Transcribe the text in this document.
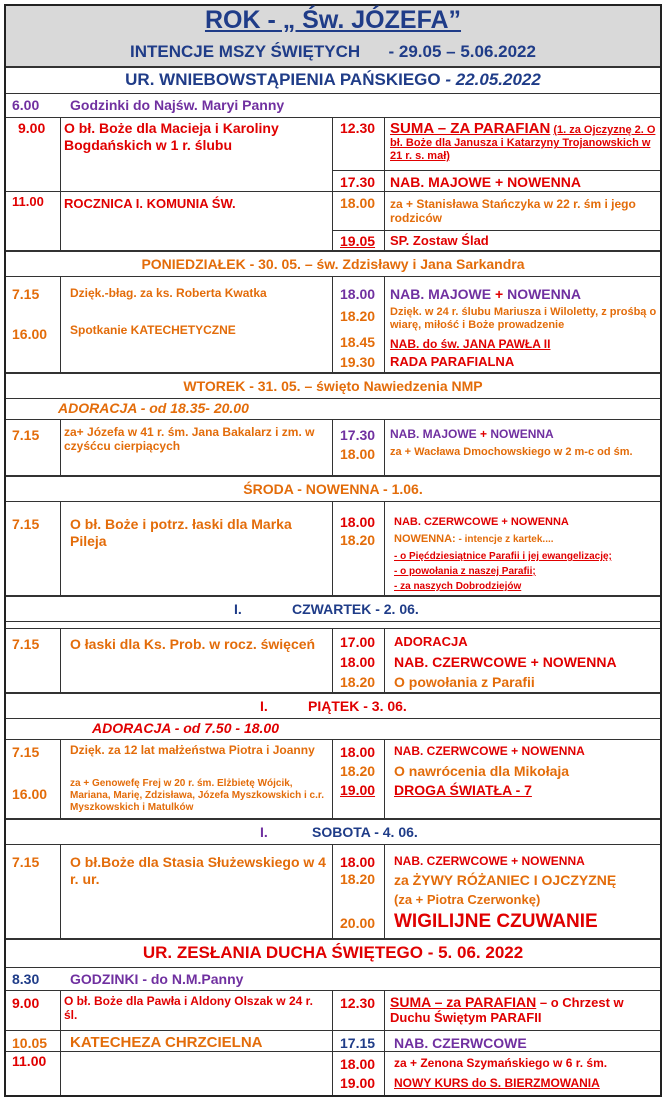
ROK - „ Św. JÓZEFA”
INTENCJE MSZY ŚWIĘTYCH - 29.05 – 5.06.2022
UR. WNIEBOWSTĄPIENIA PAŃSKIEGO - 22.05.2022
6.00 Godzinki do Najśw. Maryi Panny
9.00 O bł. Boże dla Macieja i Karoliny Bogdańskich w 1 r. ślubu
12.30 SUMA – ZA PARAFIAN (1. za Ojczyznę 2. O bł. Boże dla Janusza i Katarzyny Trojanowskich w 21 r. s. mał)
17.30 NAB. MAJOWE + NOWENNA
11.00 ROCZNICA I. KOMUNIA ŚW.	18.00 za + Stanisława Stańczyka w 22 r. śm i jego rodziców
19.05 SP. Zostaw Ślad
PONIEDZIAŁEK - 30. 05. – św. Zdzisławy i Jana Sarkandra
7.15	Dzięk.-błag. za ks. Roberta Kwatka
16.00 Spotkanie KATECHETYCZNE
18.00 NAB. MAJOWE + NOWENNA
18.20 Dzięk. w 24 r. ślubu Mariusza i Wiloletty, z prośbą o wiarę, miłość i Boże prowadzenie
18.45 NAB. do św. JANA PAWŁA II
19.30 RADA PARAFIALNA
WTOREK - 31. 05. – święto Nawiedzenia NMP
ADORACJA - od 18.35- 20.00
7.15 za+ Józefa w 41 r. śm. Jana Bakalarz i zm. w czyśćcu cierpiących
17.30 NAB. MAJOWE + NOWENNA
18.00 za + Wacława Dmochowskiego w 2 m-c od śm.
ŚRODA - NOWENNA - 1.06.
7.15 O bł. Boże i potrz. łaski dla Marka Pileja
18.00 NAB. CZERWCOWE + NOWENNA
18.20 NOWENNA: - intencje z kartek....
- o Pięćdziesiątnice Parafii i jej ewangelizację;
- o powołania z naszej Parafii;
- za naszych Dobrodziejów
I.	CZWARTEK - 2. 06.
7.15 O łaski dla Ks. Prob. w rocz. święceń	17.00 ADORACJA
18.00 NAB. CZERWCOWE + NOWENNA
18.20 O powołania z Parafii
I.	PIĄTEK - 3. 06.
ADORACJA - od 7.50 - 18.00
7.15	Dzięk. za 12 lat małżeństwa Piotra i Joanny
16.00
za + Genowefę Frej w 20 r. śm. Elżbietę Wójcik, Mariana, Marię, Zdzisława, Józefa Myszkowskich i c.r. Myszkowskich i Matulków
18.00 NAB. CZERWCOWE + NOWENNA
18.20 O nawrócenia dla Mikołaja
19.00 DROGA ŚWIATŁA - 7
I.	SOBOTA - 4. 06.
7.15 O bł.Boże dla Stasia Służewskiego w 4 r. ur.
18.00 NAB. CZERWCOWE + NOWENNA
18.20 za ŻYWY RÓŻANIEC I OJCZYZNĘ
(za + Piotra Czerwonkę)
20.00 WIGILIJNE CZUWANIE
UR. ZESŁANIA DUCHA ŚWIĘTEGO - 5. 06. 2022
8.30 GODZINKI - do N.M.Panny
9.00 O bł. Boże dla Pawła i Aldony Olszak w 24 r. śl.
12.30 SUMA – za PARAFIAN – o Chrzest w Duchu Świętym PARAFII
10.05 KATECHEZA CHRZCIELNA	17.15 NAB. CZERWCOWE
11.00	18.00 za + Zenona Szymańskiego w 6 r. śm.
19.00 NOWY KURS do S. BIERZMOWANIA
